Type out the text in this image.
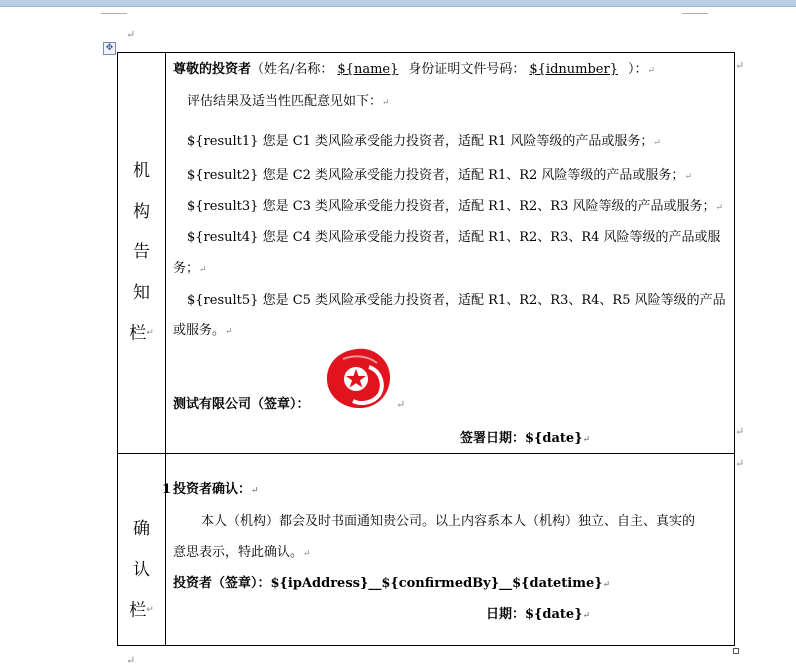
↵
✥
机
构
告
知
栏 ↵
确
认
栏 ↵
尊敬的投资者（姓名/名称： ${name} 身份证明文件号码： ${idnumber} ）：↵
评估结果及适当性匹配意见如下：↵
${result1} 您是 C1 类风险承受能力投资者，适配 R1 风险等级的产品或服务；↵
${result2} 您是 C2 类风险承受能力投资者，适配 R1、R2 风险等级的产品或服务；↵
${result3} 您是 C3 类风险承受能力投资者，适配 R1、R2、R3 风险等级的产品或服务；↵
${result4} 您是 C4 类风险承受能力投资者，适配 R1、R2、R3、R4 风险等级的产品或服
务；↵
${result5} 您是 C5 类风险承受能力投资者，适配 R1、R2、R3、R4、R5 风险等级的产品
或服务。↵
测试有限公司（签章）：	↵
签署日期：${date}↵
↵
↵
↵
1 投资者确认：↵
本人（机构）都会及时书面通知贵公司。以上内容系本人（机构）独立、自主、真实的
意思表示，特此确认。↵
投资者（签章）：${ipAddress}__${confirmedBy}__${datetime}↵
日期：${date}↵
↵
